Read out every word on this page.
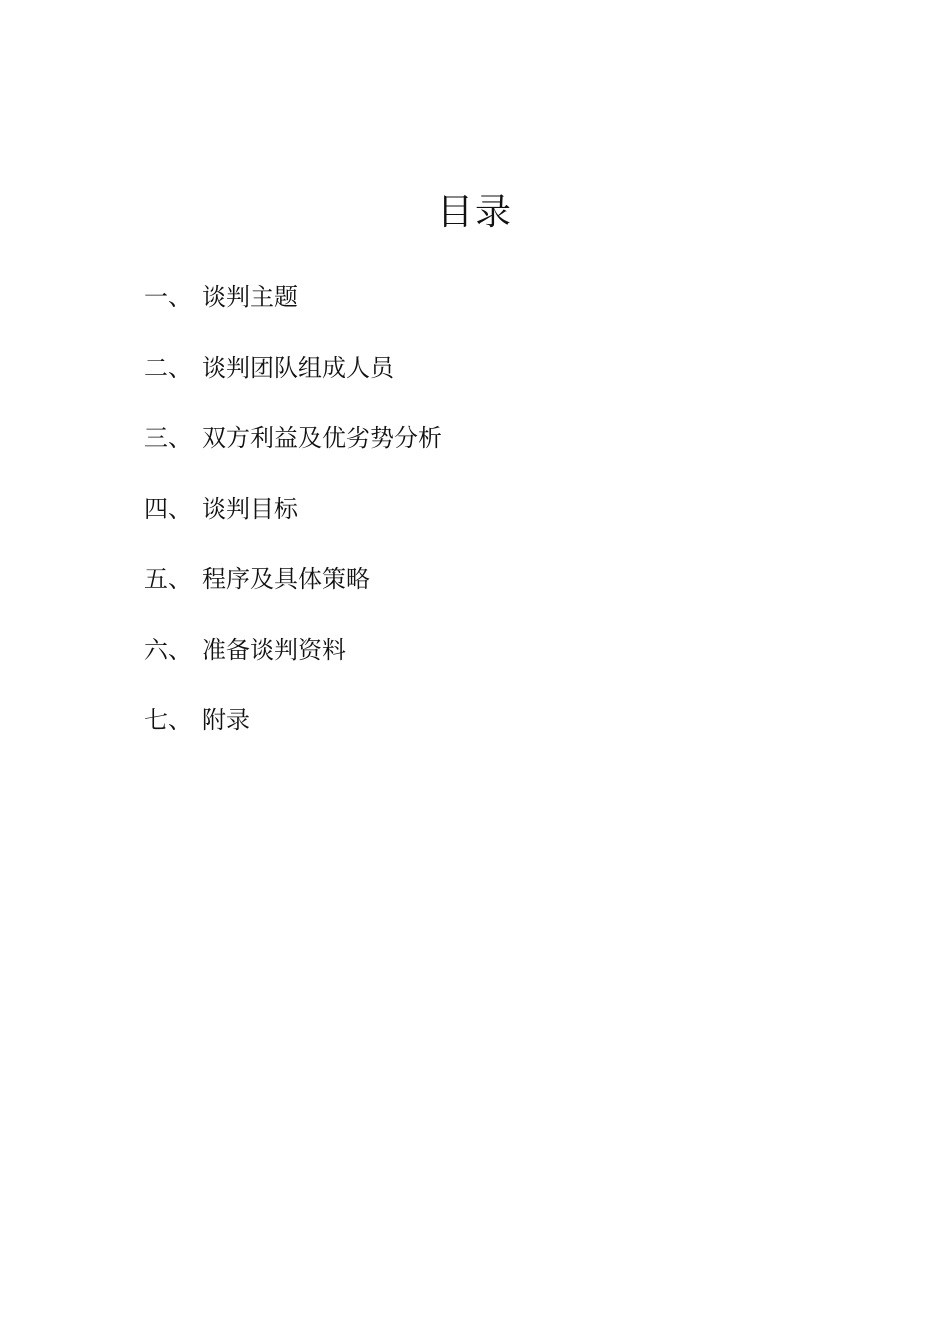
目录
一、 谈判主题
二、 谈判团队组成人员
三、 双方利益及优劣势分析
四、 谈判目标
五、 程序及具体策略
六、 准备谈判资料
七、 附录
